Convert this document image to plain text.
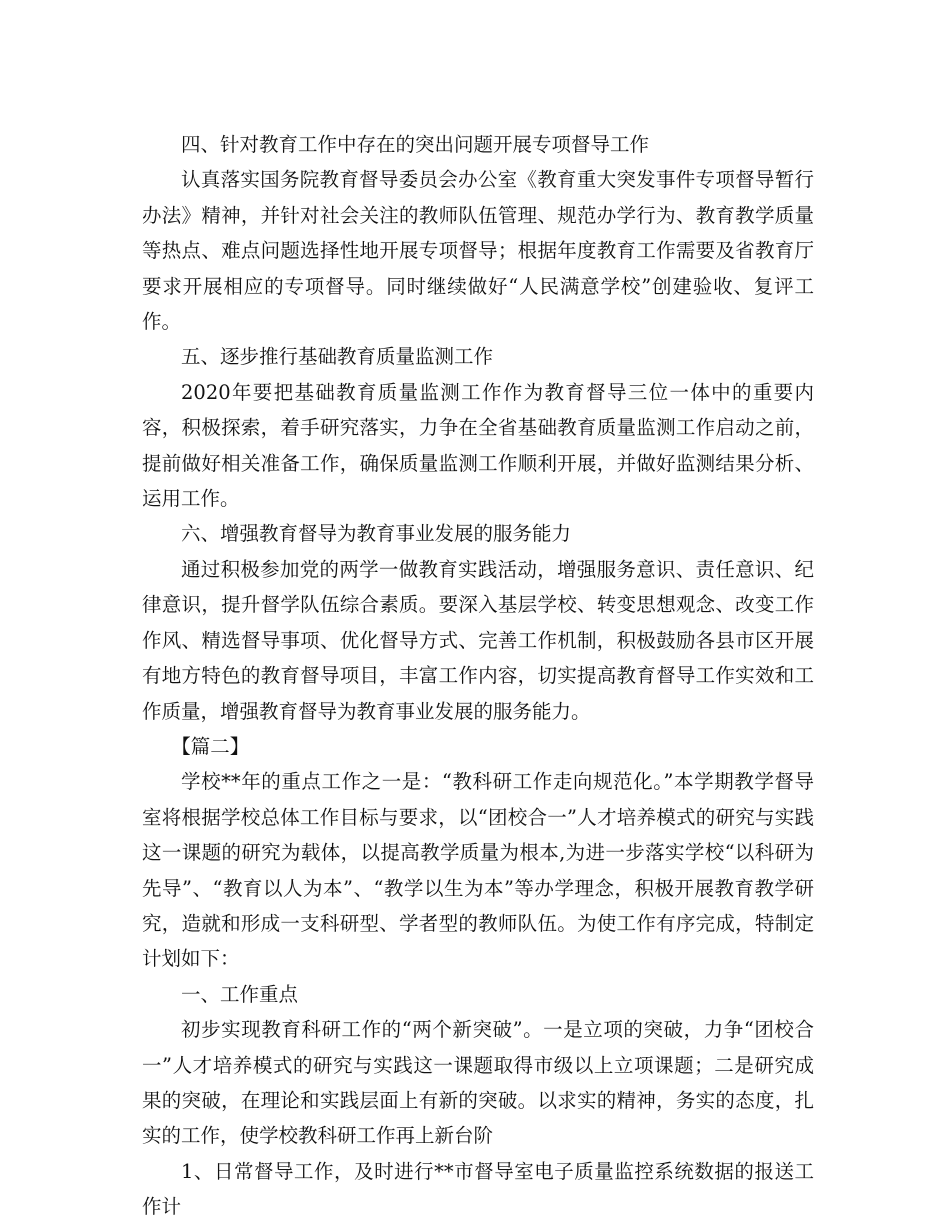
四、针对教育工作中存在的突出问题开展专项督导工作

认真落实国务院教育督导委员会办公室《教育重大突发事件专项督导暂行办法》精神，并针对社会关注的教师队伍管理、规范办学行为、教育教学质量等热点、难点问题选择性地开展专项督导；根据年度教育工作需要及省教育厅要求开展相应的专项督导。同时继续做好“人民满意学校”创建验收、复评工作。

五、逐步推行基础教育质量监测工作

2020年要把基础教育质量监测工作作为教育督导三位一体中的重要内容，积极探索，着手研究落实，力争在全省基础教育质量监测工作启动之前，提前做好相关准备工作，确保质量监测工作顺利开展，并做好监测结果分析、运用工作。

六、增强教育督导为教育事业发展的服务能力

通过积极参加党的两学一做教育实践活动，增强服务意识、责任意识、纪律意识，提升督学队伍综合素质。要深入基层学校、转变思想观念、改变工作作风、精选督导事项、优化督导方式、完善工作机制，积极鼓励各县市区开展有地方特色的教育督导项目，丰富工作内容，切实提高教育督导工作实效和工作质量，增强教育督导为教育事业发展的服务能力。

【篇二】

学校**年的重点工作之一是：“教科研工作走向规范化。”本学期教学督导室将根据学校总体工作目标与要求，以“团校合一”人才培养模式的研究与实践这一课题的研究为载体，以提高教学质量为根本,为进一步落实学校“以科研为先导”、“教育以人为本”、“教学以生为本”等办学理念，积极开展教育教学研究，造就和形成一支科研型、学者型的教师队伍。为使工作有序完成，特制定计划如下：

一、工作重点

初步实现教育科研工作的“两个新突破”。一是立项的突破，力争“团校合一”人才培养模式的研究与实践这一课题取得市级以上立项课题；二是研究成果的突破，在理论和实践层面上有新的突破。以求实的精神，务实的态度，扎实的工作，使学校教科研工作再上新台阶

1、日常督导工作，及时进行**市督导室电子质量监控系统数据的报送工作计
